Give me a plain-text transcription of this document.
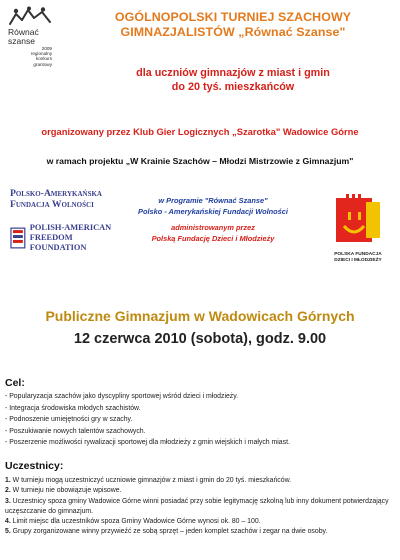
Równać
szanse
2009
regionalny
konkurs
grantowy
OGÓLNOPOLSKI TURNIEJ SZACHOWY
GIMNAZJALISTÓW „Równać Szanse"
dla uczniów gimnazjów z miast i gmin
do 20 tyś. mieszkańców
organizowany przez Klub Gier Logicznych „Szarotka" Wadowice Górne
w ramach projektu „W Krainie Szachów – Młodzi Mistrzowie z Gimnazjum"
Polsko-Amerykańska
Fundacja Wolności
POLISH-AMERICAN
FREEDOM FOUNDATION
w Programie "Równać Szanse"
Polsko - Amerykańskiej Fundacji Wolności
administrowanym przez
Polską Fundację Dzieci i Młodzieży
POLSKA FUNDACJA
DZIECI I MŁODZIEŻY
Publiczne Gimnazjum w Wadowicach Górnych
12 czerwca 2010 (sobota), godz. 9.00
Cel:
- Popularyzacja szachów jako dyscypliny sportowej wśród dzieci i młodzieży.
- Integracja środowiska młodych szachistów.
- Podnoszenie umiejętności gry w szachy.
- Poszukiwanie nowych talentów szachowych.
- Poszerzenie możliwości rywalizacji sportowej dla młodzieży z gmin wiejskich i małych miast.
Uczestnicy:
1. W turnieju mogą uczestniczyć uczniowie gimnazjów z miast i gmin do 20 tyś. mieszkańców.
2. W turnieju nie obowiązuje wpisowe.
3. Uczestnicy spoza gminy Wadowice Górne winni posiadać przy sobie legitymację szkolną lub inny dokument potwierdzający uczęszczanie do gimnazjum.
4. Limit miejsc dla uczestników spoza Gminy Wadowice Górne wynosi ok. 80 – 100.
5. Grupy zorganizowane winny przywieźć ze sobą sprzęt – jeden komplet szachów i zegar na dwie osoby.
